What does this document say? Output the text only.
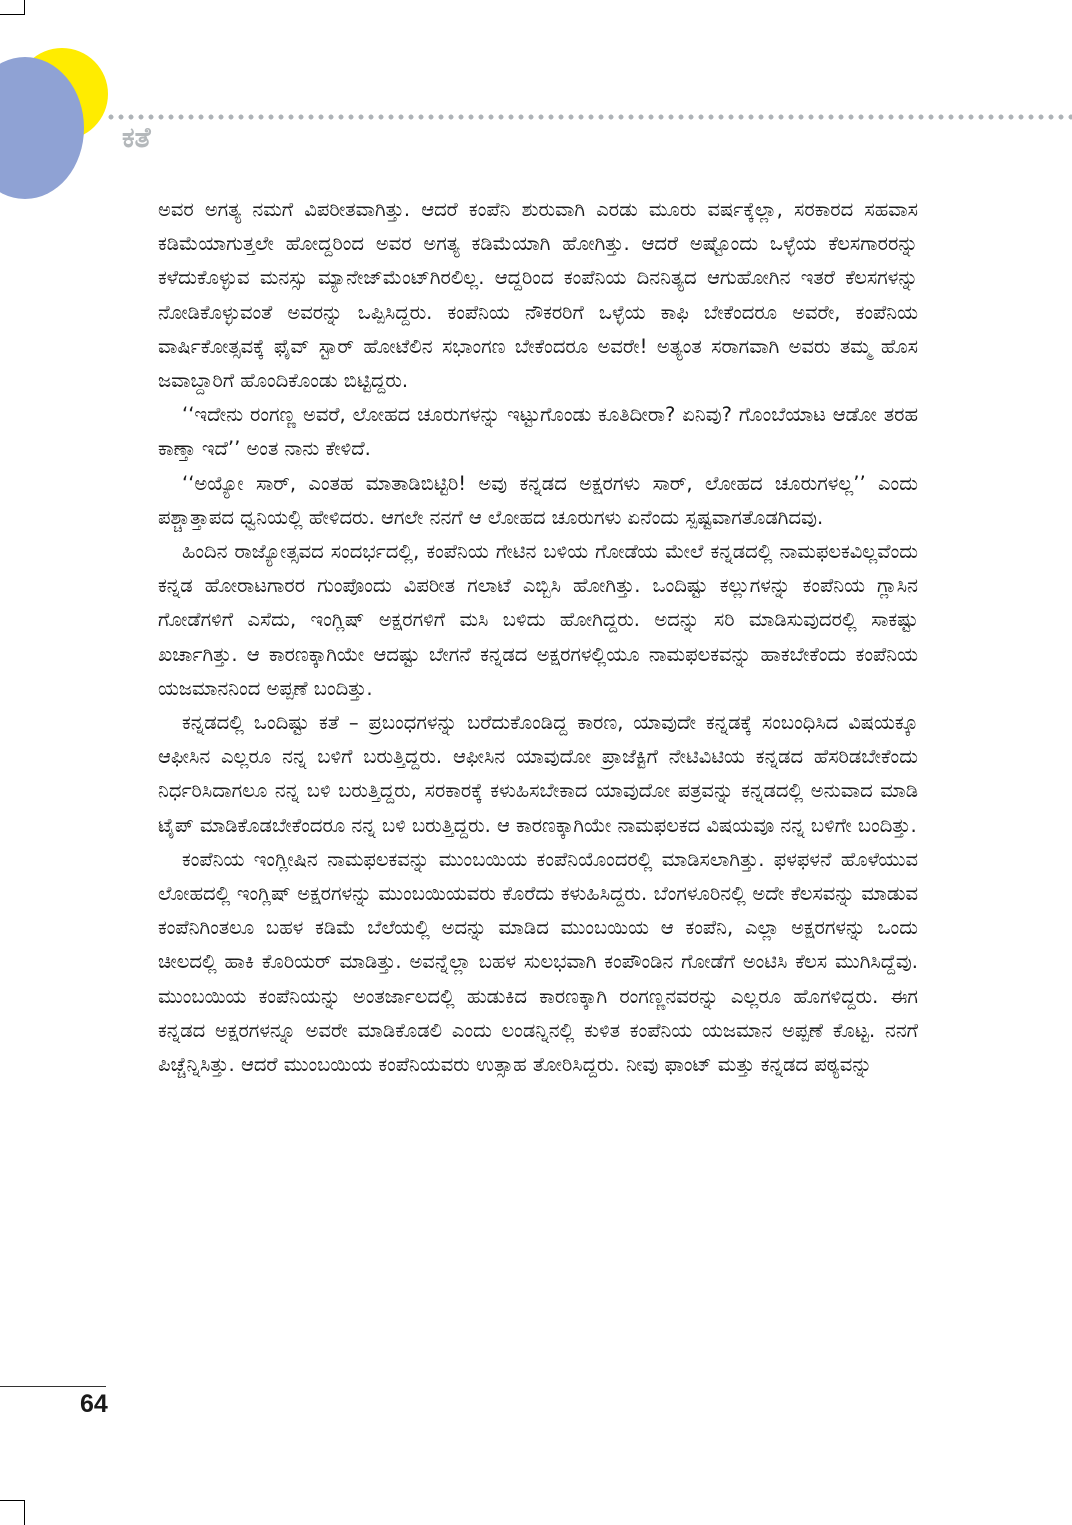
ಕತೆ

ಅವರ ಅಗತ್ಯ ನಮಗೆ ವಿಪರೀತವಾಗಿತ್ತು. ಆದರೆ ಕಂಪೆನಿ ಶುರುವಾಗಿ ಎರಡು ಮೂರು ವರ್ಷಕ್ಕೆಲ್ಲಾ, ಸರಕಾರದ ಸಹವಾಸ ಕಡಿಮೆಯಾಗುತ್ತಲೇ ಹೋದ್ದರಿಂದ ಅವರ ಅಗತ್ಯ ಕಡಿಮೆಯಾಗಿ ಹೋಗಿತ್ತು. ಆದರೆ ಅಷ್ಟೊಂದು ಒಳ್ಳೆಯ ಕೆಲಸಗಾರರನ್ನು ಕಳೆದುಕೊಳ್ಳುವ ಮನಸ್ಸು ಮ್ಯಾನೇಜ್‌ಮೆಂಟ್‌ಗಿರಲಿಲ್ಲ. ಆದ್ದರಿಂದ ಕಂಪೆನಿಯ ದಿನನಿತ್ಯದ ಆಗುಹೋಗಿನ ಇತರೆ ಕೆಲಸಗಳನ್ನು ನೋಡಿಕೊಳ್ಳುವಂತೆ ಅವರನ್ನು ಒಪ್ಪಿಸಿದ್ದರು. ಕಂಪೆನಿಯ ನೌಕರರಿಗೆ ಒಳ್ಳೆಯ ಕಾಫಿ ಬೇಕೆಂದರೂ ಅವರೇ, ಕಂಪೆನಿಯ ವಾರ್ಷಿಕೋತ್ಸವಕ್ಕೆ ಫೈವ್ ಸ್ಟಾರ್ ಹೋಟೆಲಿನ ಸಭಾಂಗಣ ಬೇಕೆಂದರೂ ಅವರೇ! ಅತ್ಯಂತ ಸರಾಗವಾಗಿ ಅವರು ತಮ್ಮ ಹೊಸ ಜವಾಬ್ದಾರಿಗೆ ಹೊಂದಿಕೊಂಡು ಬಿಟ್ಟಿದ್ದರು.

‘‘ಇದೇನು ರಂಗಣ್ಣ ಅವರೆ, ಲೋಹದ ಚೂರುಗಳನ್ನು ಇಟ್ಟುಗೊಂಡು ಕೂತಿದೀರಾ? ಏನಿವು? ಗೊಂಬೆಯಾಟ ಆಡೋ ತರಹ ಕಾಣ್ತಾ ಇದೆ’’ ಅಂತ ನಾನು ಕೇಳಿದೆ.

‘‘ಅಯ್ಯೋ ಸಾರ್, ಎಂತಹ ಮಾತಾಡಿಬಿಟ್ಟಿರಿ! ಅವು ಕನ್ನಡದ ಅಕ್ಷರಗಳು ಸಾರ್, ಲೋಹದ ಚೂರುಗಳಲ್ಲ’’ ಎಂದು ಪಶ್ಚಾತ್ತಾಪದ ಧ್ವನಿಯಲ್ಲಿ ಹೇಳಿದರು. ಆಗಲೇ ನನಗೆ ಆ ಲೋಹದ ಚೂರುಗಳು ಏನೆಂದು ಸ್ಪಷ್ಟವಾಗತೊಡಗಿದವು.

ಹಿಂದಿನ ರಾಜ್ಯೋತ್ಸವದ ಸಂದರ್ಭದಲ್ಲಿ, ಕಂಪೆನಿಯ ಗೇಟಿನ ಬಳಿಯ ಗೋಡೆಯ ಮೇಲೆ ಕನ್ನಡದಲ್ಲಿ ನಾಮಫಲಕವಿಲ್ಲವೆಂದು ಕನ್ನಡ ಹೋರಾಟಗಾರರ ಗುಂಪೊಂದು ವಿಪರೀತ ಗಲಾಟೆ ಎಬ್ಬಿಸಿ ಹೋಗಿತ್ತು. ಒಂದಿಷ್ಟು ಕಲ್ಲುಗಳನ್ನು ಕಂಪೆನಿಯ ಗ್ಲಾಸಿನ ಗೋಡೆಗಳಿಗೆ ಎಸೆದು, ಇಂಗ್ಲಿಷ್ ಅಕ್ಷರಗಳಿಗೆ ಮಸಿ ಬಳಿದು ಹೋಗಿದ್ದರು. ಅದನ್ನು ಸರಿ ಮಾಡಿಸುವುದರಲ್ಲಿ ಸಾಕಷ್ಟು ಖರ್ಚಾಗಿತ್ತು. ಆ ಕಾರಣಕ್ಕಾಗಿಯೇ ಆದಷ್ಟು ಬೇಗನೆ ಕನ್ನಡದ ಅಕ್ಷರಗಳಲ್ಲಿಯೂ ನಾಮಫಲಕವನ್ನು ಹಾಕಬೇಕೆಂದು ಕಂಪೆನಿಯ ಯಜಮಾನನಿಂದ ಅಪ್ಪಣೆ ಬಂದಿತ್ತು.

ಕನ್ನಡದಲ್ಲಿ ಒಂದಿಷ್ಟು ಕತೆ – ಪ್ರಬಂಧಗಳನ್ನು ಬರೆದುಕೊಂಡಿದ್ದ ಕಾರಣ, ಯಾವುದೇ ಕನ್ನಡಕ್ಕೆ ಸಂಬಂಧಿಸಿದ ವಿಷಯಕ್ಕೂ ಆಫೀಸಿನ ಎಲ್ಲರೂ ನನ್ನ ಬಳಿಗೆ ಬರುತ್ತಿದ್ದರು. ಆಫೀಸಿನ ಯಾವುದೋ ಪ್ರಾಜೆಕ್ಟಿಗೆ ನೇಟಿವಿಟಿಯ ಕನ್ನಡದ ಹೆಸರಿಡಬೇಕೆಂದು ನಿರ್ಧರಿಸಿದಾಗಲೂ ನನ್ನ ಬಳಿ ಬರುತ್ತಿದ್ದರು, ಸರಕಾರಕ್ಕೆ ಕಳುಹಿಸಬೇಕಾದ ಯಾವುದೋ ಪತ್ರವನ್ನು ಕನ್ನಡದಲ್ಲಿ ಅನುವಾದ ಮಾಡಿ ಟೈಪ್ ಮಾಡಿಕೊಡಬೇಕೆಂದರೂ ನನ್ನ ಬಳಿ ಬರುತ್ತಿದ್ದರು. ಆ ಕಾರಣಕ್ಕಾಗಿಯೇ ನಾಮಫಲಕದ ವಿಷಯವೂ ನನ್ನ ಬಳಿಗೇ ಬಂದಿತ್ತು.

ಕಂಪೆನಿಯ ಇಂಗ್ಲೀಷಿನ ನಾಮಫಲಕವನ್ನು ಮುಂಬಯಿಯ ಕಂಪೆನಿಯೊಂದರಲ್ಲಿ ಮಾಡಿಸಲಾಗಿತ್ತು. ಫಳಫಳನೆ ಹೊಳೆಯುವ ಲೋಹದಲ್ಲಿ ಇಂಗ್ಲಿಷ್ ಅಕ್ಷರಗಳನ್ನು ಮುಂಬಯಿಯವರು ಕೊರೆದು ಕಳುಹಿಸಿದ್ದರು. ಬೆಂಗಳೂರಿನಲ್ಲಿ ಅದೇ ಕೆಲಸವನ್ನು ಮಾಡುವ ಕಂಪೆನಿಗಿಂತಲೂ ಬಹಳ ಕಡಿಮೆ ಬೆಲೆಯಲ್ಲಿ ಅದನ್ನು ಮಾಡಿದ ಮುಂಬಯಿಯ ಆ ಕಂಪೆನಿ, ಎಲ್ಲಾ ಅಕ್ಷರಗಳನ್ನು ಒಂದು ಚೀಲದಲ್ಲಿ ಹಾಕಿ ಕೊರಿಯರ್ ಮಾಡಿತ್ತು. ಅವನ್ನೆಲ್ಲಾ ಬಹಳ ಸುಲಭವಾಗಿ ಕಂಪೌಂಡಿನ ಗೋಡೆಗೆ ಅಂಟಿಸಿ ಕೆಲಸ ಮುಗಿಸಿದ್ದೆವು. ಮುಂಬಯಿಯ ಕಂಪೆನಿಯನ್ನು ಅಂತರ್ಜಾಲದಲ್ಲಿ ಹುಡುಕಿದ ಕಾರಣಕ್ಕಾಗಿ ರಂಗಣ್ಣನವರನ್ನು ಎಲ್ಲರೂ ಹೊಗಳಿದ್ದರು. ಈಗ ಕನ್ನಡದ ಅಕ್ಷರಗಳನ್ನೂ ಅವರೇ ಮಾಡಿಕೊಡಲಿ ಎಂದು ಲಂಡನ್ನಿನಲ್ಲಿ ಕುಳಿತ ಕಂಪೆನಿಯ ಯಜಮಾನ ಅಪ್ಪಣೆ ಕೊಟ್ಟ. ನನಗೆ ಪಿಚ್ಚೆನ್ನಿಸಿತ್ತು. ಆದರೆ ಮುಂಬಯಿಯ ಕಂಪೆನಿಯವರು ಉತ್ಸಾಹ ತೋರಿಸಿದ್ದರು. ನೀವು ಫಾಂಟ್ ಮತ್ತು ಕನ್ನಡದ ಪಠ್ಯವನ್ನು

64
